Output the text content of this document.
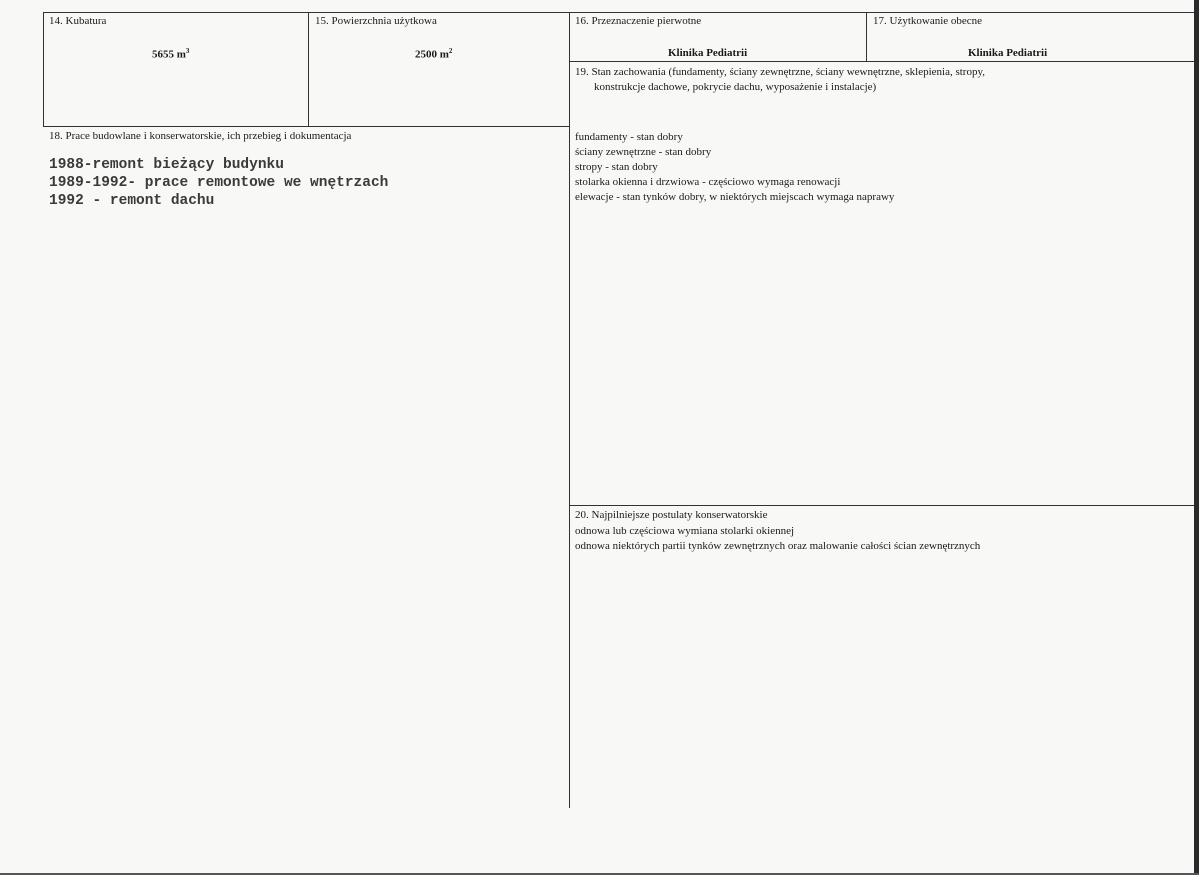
14. Kubatura
5655 $m^3$
15. Powierzchnia użytkowa
2500 $m^2$
16. Przeznaczenie pierwotne
Klinika Pediatrii
17. Użytkowanie obecne
Klinika Pediatrii
19. Stan zachowania (fundamenty, ściany zewnętrzne, ściany wewnętrzne, sklepienia, stropy,
konstrukcje dachowe, pokrycie dachu, wyposażenie i instalacje)
fundamenty - stan dobry
ściany zewnętrzne - stan dobry
stropy - stan dobry
stolarka okienna i drzwiowa - częściowo wymaga renowacji
elewacje - stan tynków dobry, w niektórych miejscach wymaga naprawy
18. Prace budowlane i konserwatorskie, ich przebieg i dokumentacja
1988-remont bieżący budynku
1989-1992- prace remontowe we wnętrzach
1992 - remont dachu
20. Najpilniejsze postulaty konserwatorskie
odnowa lub częściowa wymiana stolarki okiennej
odnowa niektórych partii tynków zewnętrznych oraz malowanie całości ścian zewnętrznych
